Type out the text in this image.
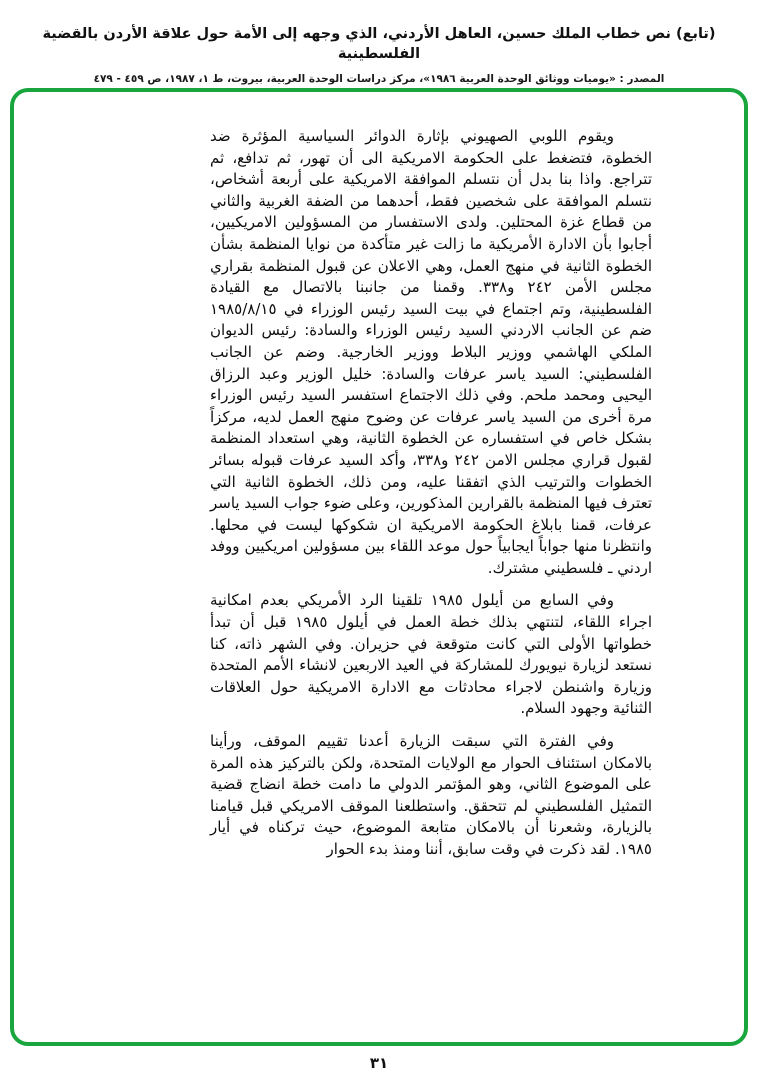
(تابع) نص خطاب الملك حسين، العاهل الأردني، الذي وجهه إلى الأمة حول علاقة الأردن بالقضية الفلسطينية

المصدر : «يوميات ووثائق الوحدة العربية ١٩٨٦»، مركز دراسات الوحدة العربية، بيروت، ط ١، ١٩٨٧، ص ٤٥٩ - ٤٧٩

ويقوم اللوبي الصهيوني بإثارة الدوائر السياسية المؤثرة ضد الخطوة، فتضغط على الحكومة الامريكية الى أن تهور، ثم تدافع، ثم تتراجع. واذا بنا بدل أن نتسلم الموافقة الامريكية على أربعة أشخاص، نتسلم الموافقة على شخصين فقط، أحدهما من الضفة الغربية والثاني من قطاع غزة المحتلين. ولدى الاستفسار من المسؤولين الامريكيين، أجابوا بأن الادارة الأمريكية ما زالت غير متأكدة من نوايا المنظمة بشأن الخطوة الثانية في منهج العمل، وهي الاعلان عن قبول المنظمة بقراري مجلس الأمن ٢٤٢ و٣٣٨. وقمنا من جانبنا بالاتصال مع القيادة الفلسطينية، وتم اجتماع في بيت السيد رئيس الوزراء في ١٩٨٥/٨/١٥ ضم عن الجانب الاردني السيد رئيس الوزراء والسادة: رئيس الديوان الملكي الهاشمي ووزير البلاط ووزير الخارجية. وضم عن الجانب الفلسطيني: السيد ياسر عرفات والسادة: خليل الوزير وعبد الرزاق اليحيى ومحمد ملحم. وفي ذلك الاجتماع استفسر السيد رئيس الوزراء مرة أخرى من السيد ياسر عرفات عن وضوح منهج العمل لديه، مركزاً بشكل خاص في استفساره عن الخطوة الثانية، وهي استعداد المنظمة لقبول قراري مجلس الامن ٢٤٢ و٣٣٨، وأكد السيد عرفات قبوله بسائر الخطوات والترتيب الذي اتفقنا عليه، ومن ذلك، الخطوة الثانية التي تعترف فيها المنظمة بالقرارين المذكورين، وعلى ضوء جواب السيد ياسر عرفات، قمنا بابلاغ الحكومة الامريكية ان شكوكها ليست في محلها. وانتظرنا منها جواباً ايجابياً حول موعد اللقاء بين مسؤولين امريكيين ووفد اردني ـ فلسطيني مشترك.

وفي السابع من أيلول ١٩٨٥ تلقينا الرد الأمريكي بعدم امكانية اجراء اللقاء، لتنتهي بذلك خطة العمل في أيلول ١٩٨٥ قبل أن تبدأ خطواتها الأولى التي كانت متوقعة في حزيران. وفي الشهر ذاته، كنا نستعد لزيارة نيويورك للمشاركة في العيد الاربعين لانشاء الأمم المتحدة وزيارة واشنطن لاجراء محادثات مع الادارة الامريكية حول العلاقات الثنائية وجهود السلام.

وفي الفترة التي سبقت الزيارة أعدنا تقييم الموقف، ورأينا بالامكان استئناف الحوار مع الولايات المتحدة، ولكن بالتركيز هذه المرة على الموضوع الثاني، وهو المؤتمر الدولي ما دامت خطة انضاج قضية التمثيل الفلسطيني لم تتحقق. واستطلعنا الموقف الامريكي قبل قيامنا بالزيارة، وشعرنا أن بالامكان متابعة الموضوع، حيث تركناه في أيار ١٩٨٥. لقد ذكرت في وقت سابق، أننا ومنذ بدء الحوار

٣١
